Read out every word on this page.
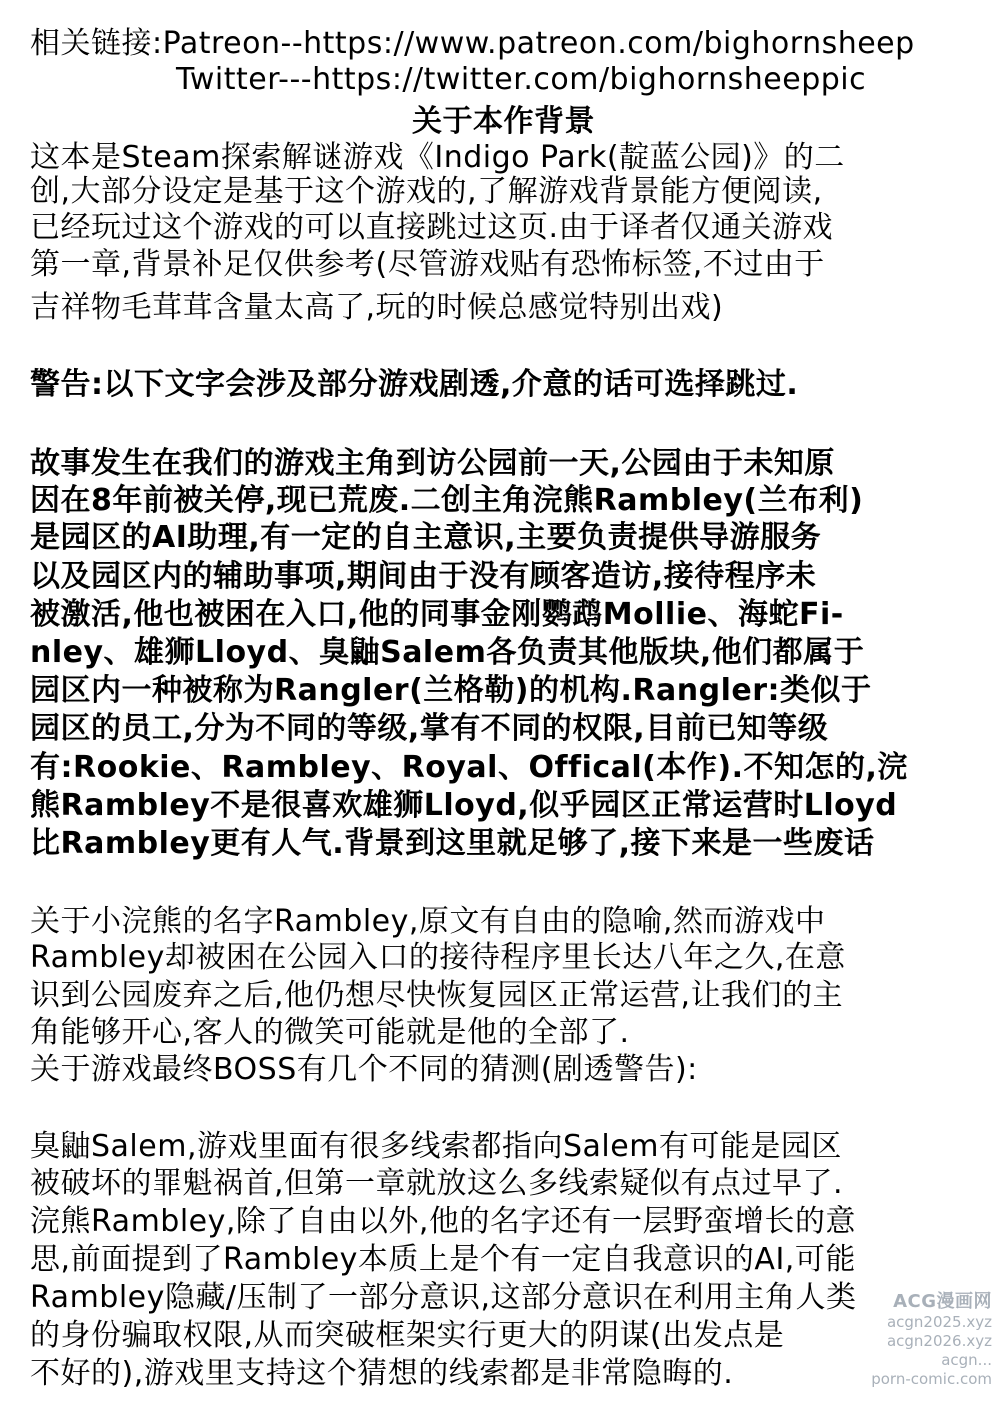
相关链接:Patreon--https://www.patreon.com/bighornsheep
Twitter---https://twitter.com/bighornsheeppic
关于本作背景
这本是Steam探索解谜游戏《Indigo Park(靛蓝公园)》的二
创,大部分设定是基于这个游戏的,了解游戏背景能方便阅读,
已经玩过这个游戏的可以直接跳过这页.由于译者仅通关游戏
第一章,背景补足仅供参考(尽管游戏贴有恐怖标签,不过由于
吉祥物毛茸茸含量太高了,玩的时候总感觉特别出戏)
警告:以下文字会涉及部分游戏剧透,介意的话可选择跳过.
故事发生在我们的游戏主角到访公园前一天,公园由于未知原
因在8年前被关停,现已荒废.二创主角浣熊Rambley(兰布利)
是园区的AI助理,有一定的自主意识,主要负责提供导游服务
以及园区内的辅助事项,期间由于没有顾客造访,接待程序未
被激活,他也被困在入口,他的同事金刚鹦鹉Mollie、海蛇Fi-
nley、雄狮Lloyd、臭鼬Salem各负责其他版块,他们都属于
园区内一种被称为Rangler(兰格勒)的机构.Rangler:类似于
园区的员工,分为不同的等级,掌有不同的权限,目前已知等级
有:Rookie、Rambley、Royal、Offical(本作).不知怎的,浣
熊Rambley不是很喜欢雄狮Lloyd,似乎园区正常运营时Lloyd
比Rambley更有人气.背景到这里就足够了,接下来是一些废话
关于小浣熊的名字Rambley,原文有自由的隐喻,然而游戏中
Rambley却被困在公园入口的接待程序里长达八年之久,在意
识到公园废弃之后,他仍想尽快恢复园区正常运营,让我们的主
角能够开心,客人的微笑可能就是他的全部了.
关于游戏最终BOSS有几个不同的猜测(剧透警告):
臭鼬Salem,游戏里面有很多线索都指向Salem有可能是园区
被破坏的罪魁祸首,但第一章就放这么多线索疑似有点过早了.
浣熊Rambley,除了自由以外,他的名字还有一层野蛮增长的意
思,前面提到了Rambley本质上是个有一定自我意识的AI,可能
Rambley隐藏/压制了一部分意识,这部分意识在利用主角人类
的身份骗取权限,从而突破框架实行更大的阴谋(出发点是
不好的),游戏里支持这个猜想的线索都是非常隐晦的.
ACG漫画网
acgn2025.xyz
acgn2026.xyz
acgn...
porn-comic.com
